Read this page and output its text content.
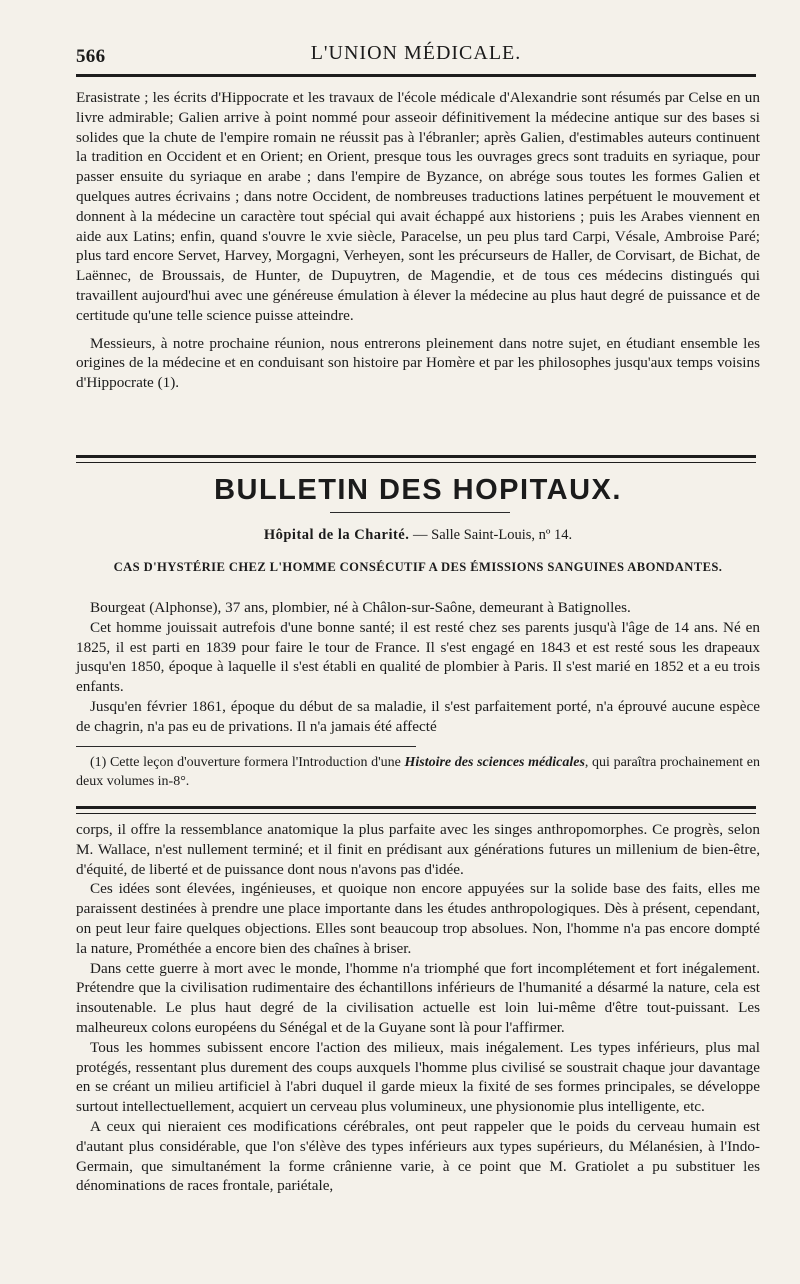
566	L'UNION MÉDICALE.

Erasistrate ; les écrits d'Hippocrate et les travaux de l'école médicale d'Alexandrie sont résumés par Celse en un livre admirable; Galien arrive à point nommé pour asseoir définitivement la médecine antique sur des bases si solides que la chute de l'empire romain ne réussit pas à l'ébranler; après Galien, d'estimables auteurs continuent la tradition en Occident et en Orient; en Orient, presque tous les ouvrages grecs sont traduits en syriaque, pour passer ensuite du syriaque en arabe ; dans l'empire de Byzance, on abrége sous toutes les formes Galien et quelques autres écrivains ; dans notre Occident, de nombreuses traductions latines perpétuent le mouvement et donnent à la médecine un caractère tout spécial qui avait échappé aux historiens ; puis les Arabes viennent en aide aux Latins; enfin, quand s'ouvre le xvie siècle, Paracelse, un peu plus tard Carpi, Vésale, Ambroise Paré; plus tard encore Servet, Harvey, Morgagni, Verheyen, sont les précurseurs de Haller, de Corvisart, de Bichat, de Laënnec, de Broussais, de Hunter, de Dupuytren, de Magendie, et de tous ces médecins distingués qui travaillent aujourd'hui avec une généreuse émulation à élever la médecine au plus haut degré de puissance et de certitude qu'une telle science puisse atteindre.

Messieurs, à notre prochaine réunion, nous entrerons pleinement dans notre sujet, en étudiant ensemble les origines de la médecine et en conduisant son histoire par Homère et par les philosophes jusqu'aux temps voisins d'Hippocrate (1).

BULLETIN DES HOPITAUX.
Hôpital de la Charité. — Salle Saint-Louis, nº 14.
CAS D'HYSTÉRIE CHEZ L'HOMME CONSÉCUTIF A DES ÉMISSIONS SANGUINES ABONDANTES.

Bourgeat (Alphonse), 37 ans, plombier, né à Châlon-sur-Saône, demeurant à Batignolles.

Cet homme jouissait autrefois d'une bonne santé; il est resté chez ses parents jusqu'à l'âge de 14 ans. Né en 1825, il est parti en 1839 pour faire le tour de France. Il s'est engagé en 1843 et est resté sous les drapeaux jusqu'en 1850, époque à laquelle il s'est établi en qualité de plombier à Paris. Il s'est marié en 1852 et a eu trois enfants.

Jusqu'en février 1861, époque du début de sa maladie, il s'est parfaitement porté, n'a éprouvé aucune espèce de chagrin, n'a pas eu de privations. Il n'a jamais été affecté

(1) Cette leçon d'ouverture formera l'Introduction d'une Histoire des sciences médicales, qui paraîtra prochainement en deux volumes in-8°.

corps, il offre la ressemblance anatomique la plus parfaite avec les singes anthropomorphes. Ce progrès, selon M. Wallace, n'est nullement terminé; et il finit en prédisant aux générations futures un millenium de bien-être, d'équité, de liberté et de puissance dont nous n'avons pas d'idée.

Ces idées sont élevées, ingénieuses, et quoique non encore appuyées sur la solide base des faits, elles me paraissent destinées à prendre une place importante dans les études anthropologiques. Dès à présent, cependant, on peut leur faire quelques objections. Elles sont beaucoup trop absolues. Non, l'homme n'a pas encore dompté la nature, Prométhée a encore bien des chaînes à briser.

Dans cette guerre à mort avec le monde, l'homme n'a triomphé que fort incomplétement et fort inégalement. Prétendre que la civilisation rudimentaire des échantillons inférieurs de l'humanité a désarmé la nature, cela est insoutenable. Le plus haut degré de la civilisation actuelle est loin lui-même d'être tout-puissant. Les malheureux colons européens du Sénégal et de la Guyane sont là pour l'affirmer.

Tous les hommes subissent encore l'action des milieux, mais inégalement. Les types inférieurs, plus mal protégés, ressentant plus durement des coups auxquels l'homme plus civilisé se soustrait chaque jour davantage en se créant un milieu artificiel à l'abri duquel il garde mieux la fixité de ses formes principales, se développe surtout intellectuellement, acquiert un cerveau plus volumineux, une physionomie plus intelligente, etc.

A ceux qui nieraient ces modifications cérébrales, ont peut rappeler que le poids du cerveau humain est d'autant plus considérable, que l'on s'élève des types inférieurs aux types supérieurs, du Mélanésien, à l'Indo-Germain, que simultanément la forme crânienne varie, à ce point que M. Gratiolet a pu substituer les dénominations de races frontale, pariétale,
